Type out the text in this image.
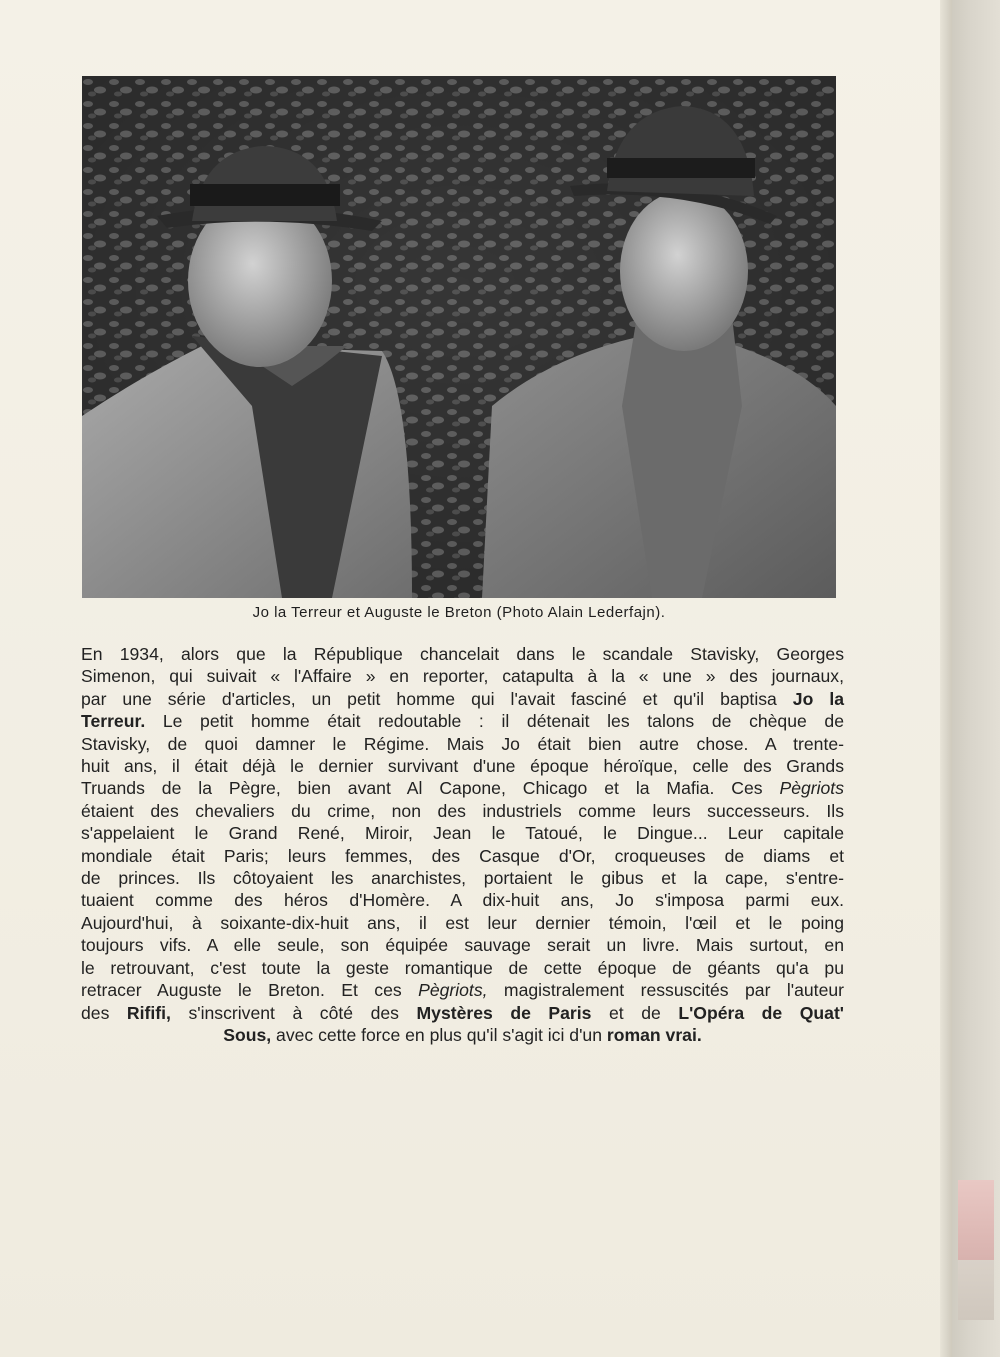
Jo la Terreur et Auguste le Breton (Photo Alain Lederfajn).
En 1934, alors que la République chancelait dans le scandale Stavisky, Georges
Simenon, qui suivait « l'Affaire » en reporter, catapulta à la « une » des journaux,
par une série d'articles, un petit homme qui l'avait fasciné et qu'il baptisa Jo la
Terreur. Le petit homme était redoutable : il détenait les talons de chèque de
Stavisky, de quoi damner le Régime. Mais Jo était bien autre chose. A trente-
huit ans, il était déjà le dernier survivant d'une époque héroïque, celle des Grands
Truands de la Pègre, bien avant Al Capone, Chicago et la Mafia. Ces Pègriots
étaient des chevaliers du crime, non des industriels comme leurs successeurs. Ils
s'appelaient le Grand René, Miroir, Jean le Tatoué, le Dingue... Leur capitale
mondiale était Paris; leurs femmes, des Casque d'Or, croqueuses de diams et
de princes. Ils côtoyaient les anarchistes, portaient le gibus et la cape, s'entre-
tuaient comme des héros d'Homère. A dix-huit ans, Jo s'imposa parmi eux.
Aujourd'hui, à soixante-dix-huit ans, il est leur dernier témoin, l'œil et le poing
toujours vifs. A elle seule, son équipée sauvage serait un livre. Mais surtout, en
le retrouvant, c'est toute la geste romantique de cette époque de géants qu'a pu
retracer Auguste le Breton. Et ces Pègriots, magistralement ressuscités par l'auteur
des Rififi, s'inscrivent à côté des Mystères de Paris et de L'Opéra de Quat'
Sous, avec cette force en plus qu'il s'agit ici d'un roman vrai.
